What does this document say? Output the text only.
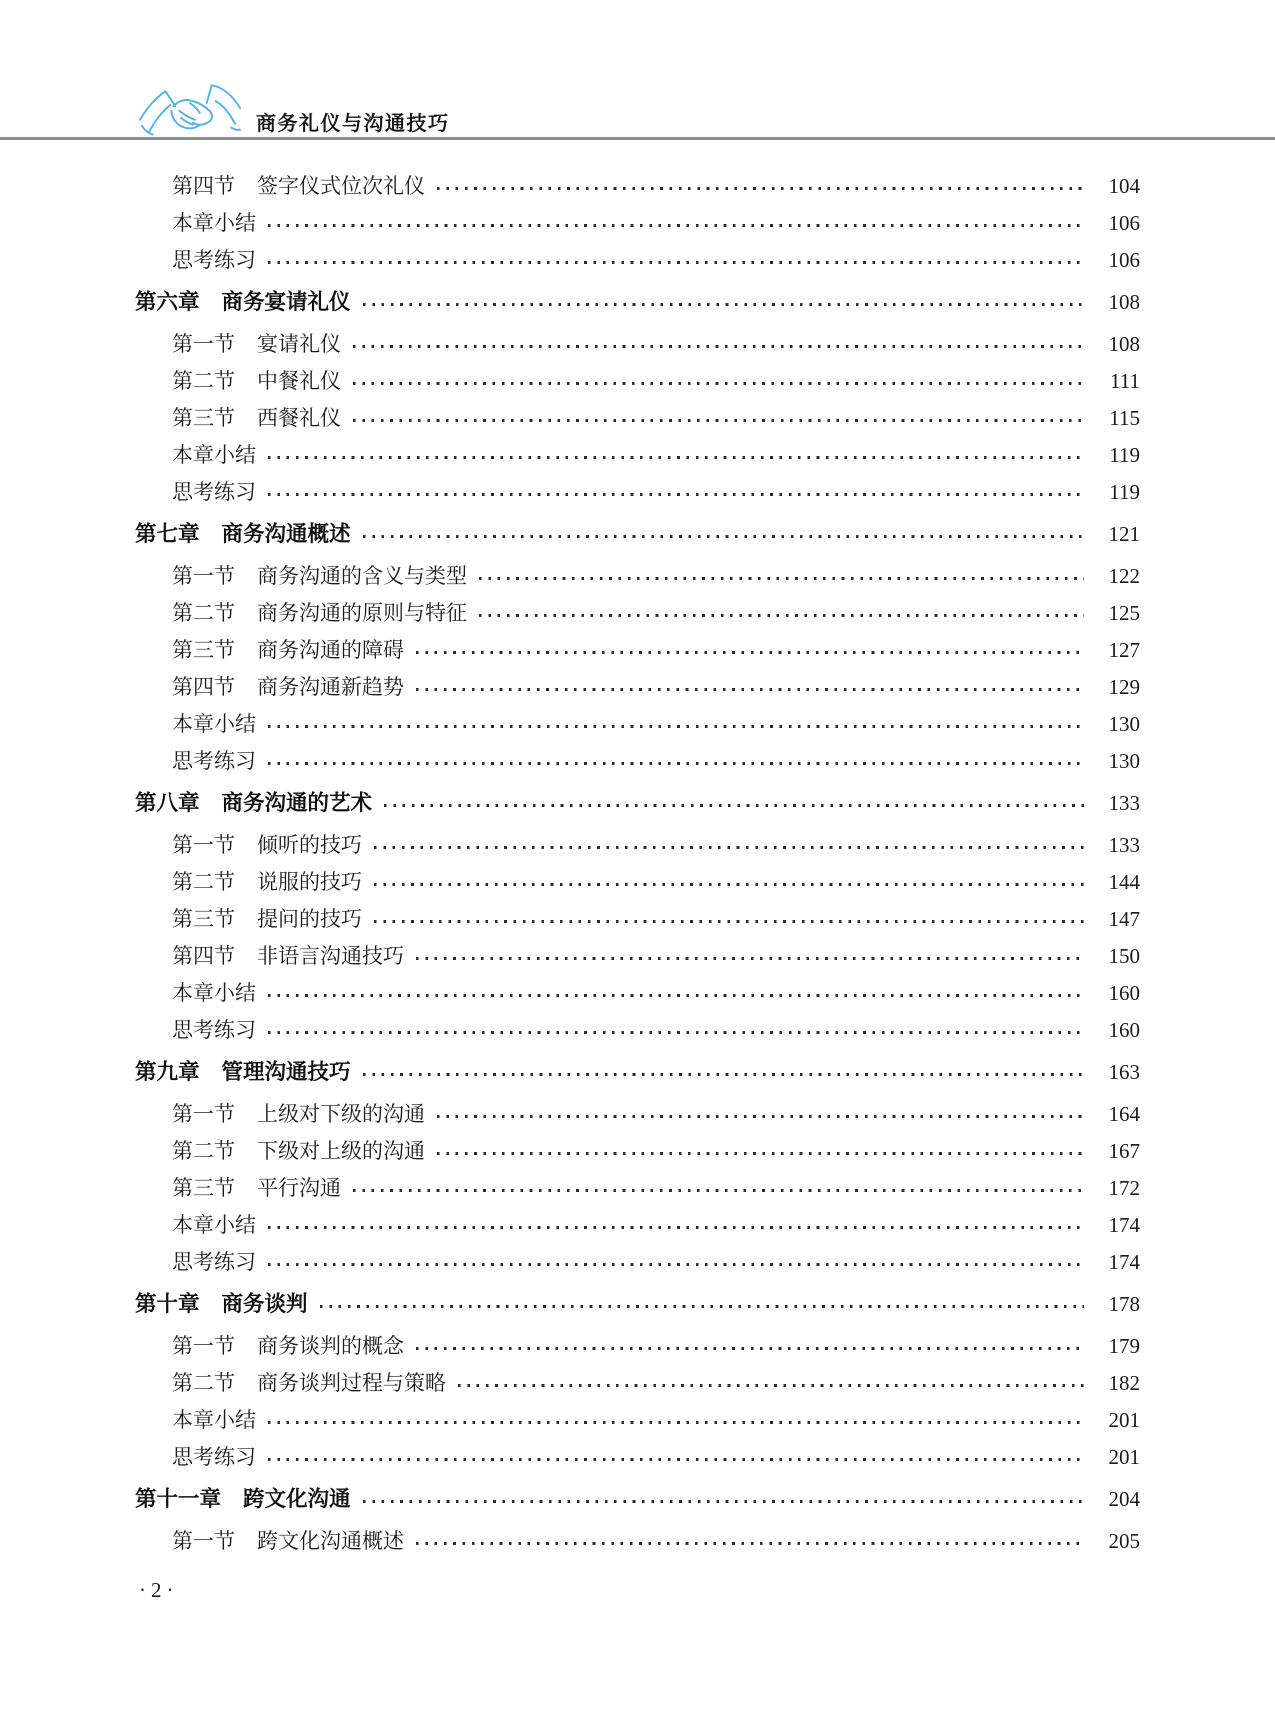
商务礼仪与沟通技巧
第四节 签字仪式位次礼仪	104
本章小结	106
思考练习	106
第六章 商务宴请礼仪	108
第一节 宴请礼仪	108
第二节 中餐礼仪	111
第三节 西餐礼仪	115
本章小结	119
思考练习	119
第七章 商务沟通概述	121
第一节 商务沟通的含义与类型	122
第二节 商务沟通的原则与特征	125
第三节 商务沟通的障碍	127
第四节 商务沟通新趋势	129
本章小结	130
思考练习	130
第八章 商务沟通的艺术	133
第一节 倾听的技巧	133
第二节 说服的技巧	144
第三节 提问的技巧	147
第四节 非语言沟通技巧	150
本章小结	160
思考练习	160
第九章 管理沟通技巧	163
第一节 上级对下级的沟通	164
第二节 下级对上级的沟通	167
第三节 平行沟通	172
本章小结	174
思考练习	174
第十章 商务谈判	178
第一节 商务谈判的概念	179
第二节 商务谈判过程与策略	182
本章小结	201
思考练习	201
第十一章 跨文化沟通	204
第一节 跨文化沟通概述	205
·2·
